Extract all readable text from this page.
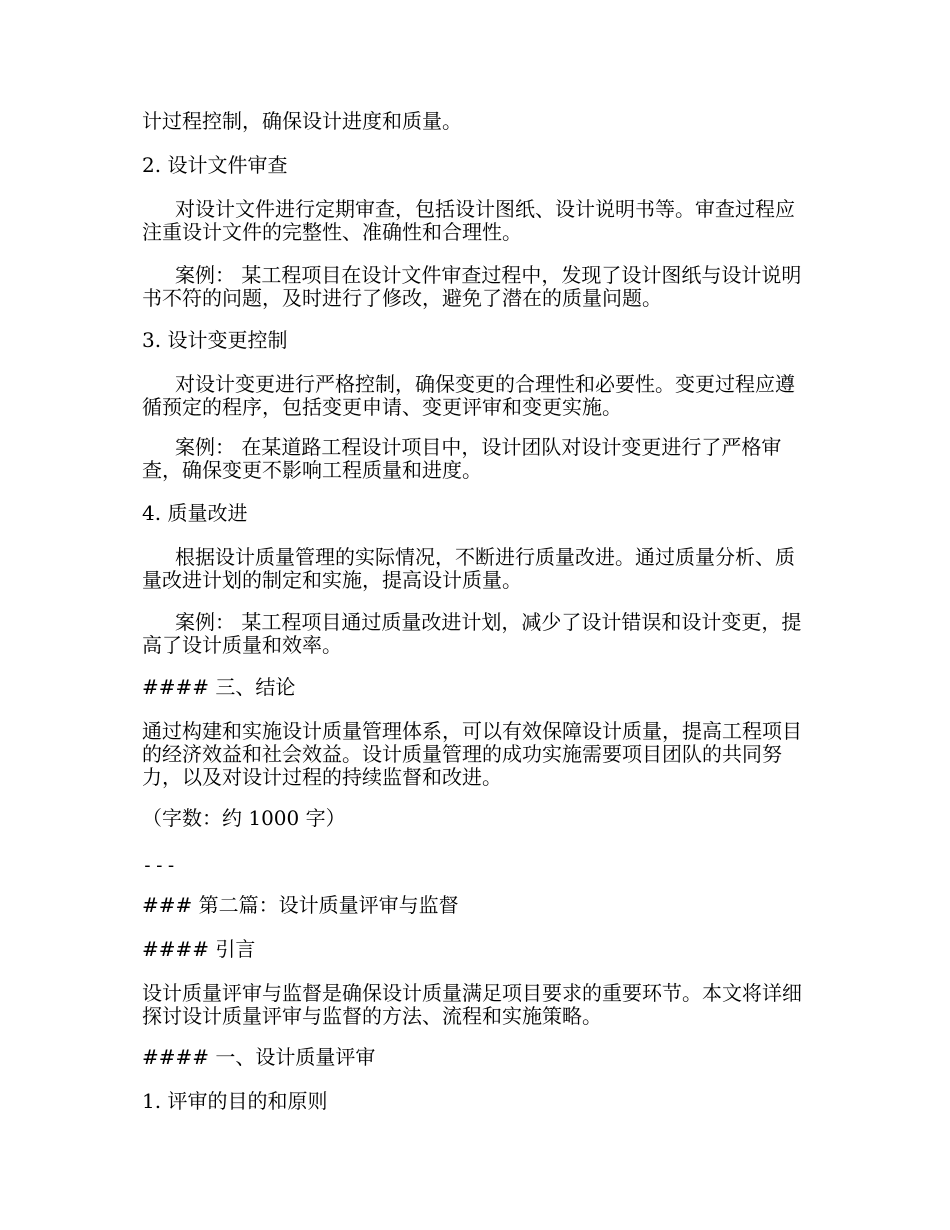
计过程控制，确保设计进度和质量。

2. 设计文件审查

对设计文件进行定期审查，包括设计图纸、设计说明书等。审查过程应注重设计文件的完整性、准确性和合理性。

案例： 某工程项目在设计文件审查过程中，发现了设计图纸与设计说明书不符的问题，及时进行了修改，避免了潜在的质量问题。

3. 设计变更控制

对设计变更进行严格控制，确保变更的合理性和必要性。变更过程应遵循预定的程序，包括变更申请、变更评审和变更实施。

案例： 在某道路工程设计项目中，设计团队对设计变更进行了严格审查，确保变更不影响工程质量和进度。

4. 质量改进

根据设计质量管理的实际情况，不断进行质量改进。通过质量分析、质量改进计划的制定和实施，提高设计质量。

案例： 某工程项目通过质量改进计划，减少了设计错误和设计变更，提高了设计质量和效率。

#### 三、结论

通过构建和实施设计质量管理体系，可以有效保障设计质量，提高工程项目的经济效益和社会效益。设计质量管理的成功实施需要项目团队的共同努力，以及对设计过程的持续监督和改进。

（字数：约 1000 字）

---

### 第二篇：设计质量评审与监督

#### 引言

设计质量评审与监督是确保设计质量满足项目要求的重要环节。本文将详细探讨设计质量评审与监督的方法、流程和实施策略。

#### 一、设计质量评审

1. 评审的目的和原则
